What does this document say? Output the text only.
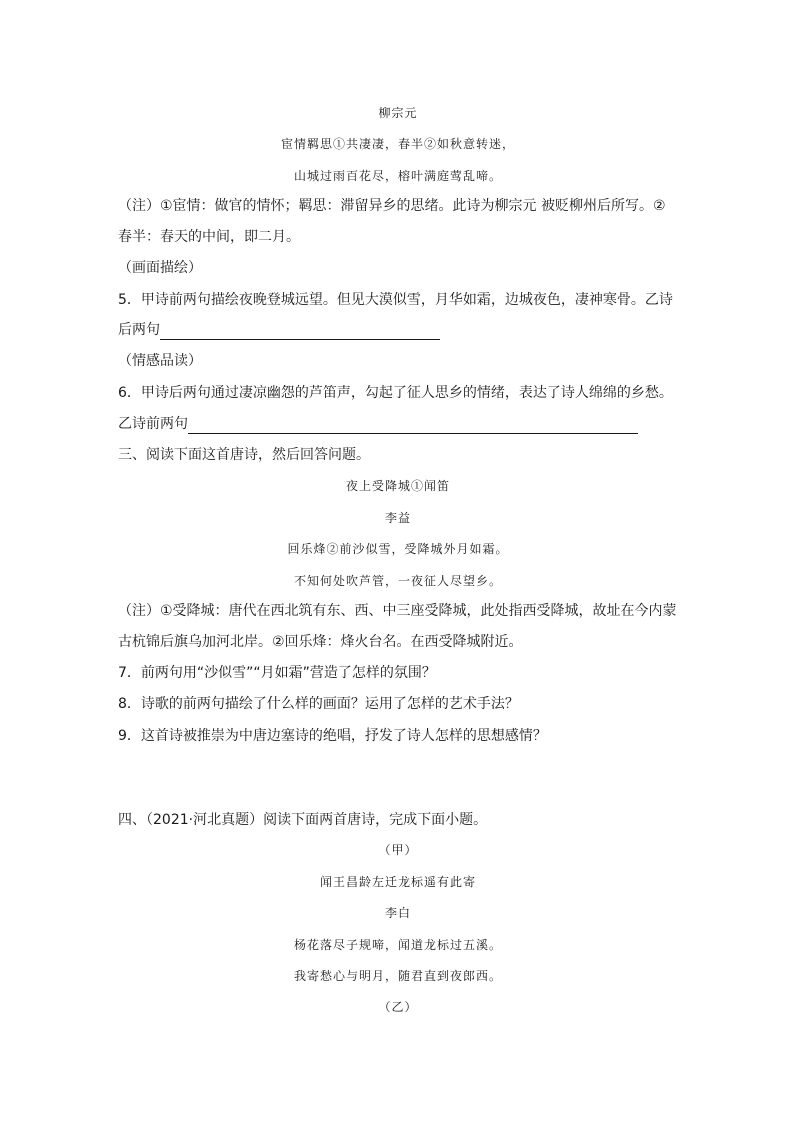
柳宗元
宦情羁思①共凄凄，春半②如秋意转迷，
山城过雨百花尽，榕叶满庭莺乱啼。
（注）①宦情：做官的情怀；羁思：滞留异乡的思绪。此诗为柳宗元 被贬柳州后所写。②
春半：春天的中间，即二月。
（画面描绘）
5．甲诗前两句描绘夜晚登城远望。但见大漠似雪，月华如霜，边城夜色，凄神寒骨。乙诗
后两句
（情感品读）
6．甲诗后两句通过凄凉幽怨的芦笛声，勾起了征人思乡的情绪，表达了诗人绵绵的乡愁。
乙诗前两句
三、阅读下面这首唐诗，然后回答问题。
夜上受降城①闻笛
李益
回乐烽②前沙似雪，受降城外月如霜。
不知何处吹芦管，一夜征人尽望乡。
（注）①受降城：唐代在西北筑有东、西、中三座受降城，此处指西受降城，故址在今内蒙
古杭锦后旗乌加河北岸。②回乐烽：烽火台名。在西受降城附近。
7．前两句用“沙似雪”“月如霜”营造了怎样的氛围？
8．诗歌的前两句描绘了什么样的画面？运用了怎样的艺术手法？
9．这首诗被推崇为中唐边塞诗的绝唱，抒发了诗人怎样的思想感情？
四、（2021·河北真题）阅读下面两首唐诗，完成下面小题。
（甲）
闻王昌龄左迁龙标遥有此寄
李白
杨花落尽子规啼，闻道龙标过五溪。
我寄愁心与明月，随君直到夜郎西。
（乙）
